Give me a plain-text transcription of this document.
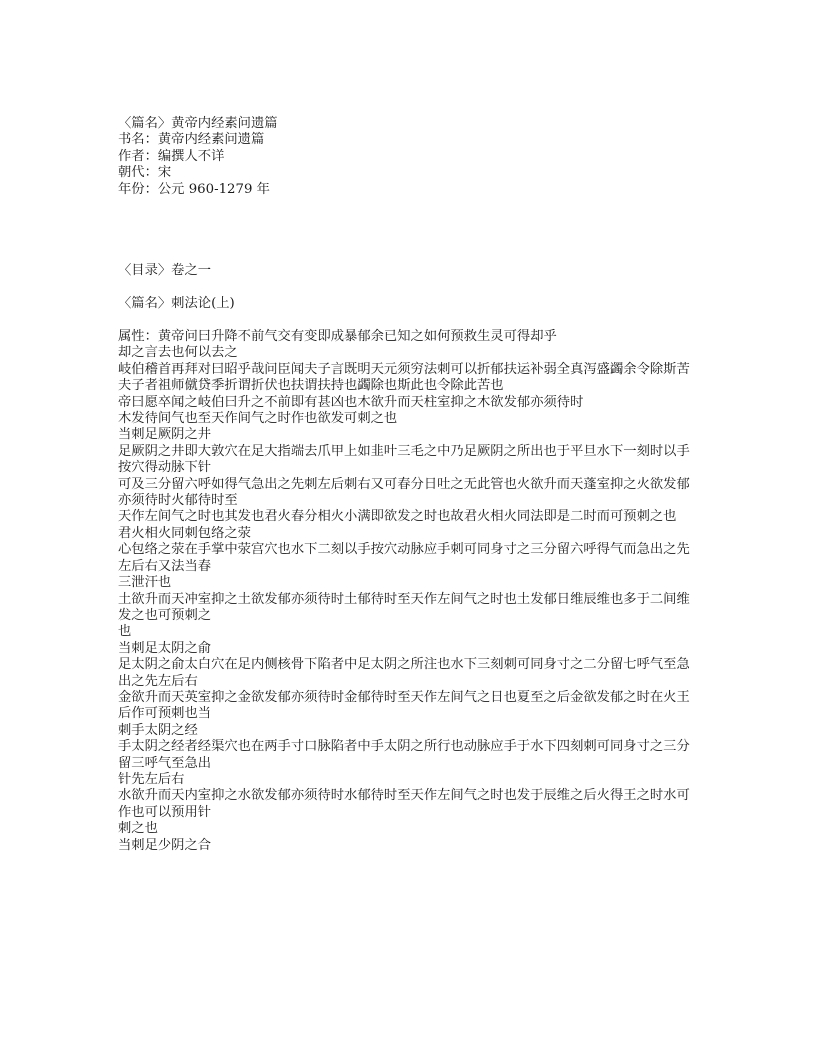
〈篇名〉黄帝内经素问遗篇
书名：黄帝内经素问遗篇
作者：编撰人不详
朝代：宋
年份：公元 960-1279 年
〈目录〉卷之一
〈篇名〉刺法论(上)
属性：黄帝问曰升降不前气交有变即成暴郁余已知之如何预救生灵可得却乎
却之言去也何以去之
岐伯稽首再拜对曰昭乎哉问臣闻夫子言既明天元须穷法刺可以折郁扶运补弱全真泻盛蠲余令除斯苦
夫子者祖师僦贷季折谓折伏也扶谓扶持也蠲除也斯此也令除此苦也
帝曰愿卒闻之岐伯曰升之不前即有甚凶也木欲升而天柱室抑之木欲发郁亦须待时
木发待间气也至天作间气之时作也欲发可刺之也
当刺足厥阴之井
足厥阴之井即大敦穴在足大指端去爪甲上如韭叶三毛之中乃足厥阴之所出也于平旦水下一刻时以手按穴得动脉下针
可及三分留六呼如得气急出之先刺左后刺右又可春分日吐之无此管也火欲升而天蓬室抑之火欲发郁亦须待时火郁待时至
天作左间气之时也其发也君火春分相火小满即欲发之时也故君火相火同法即是二时而可预刺之也
君火相火同刺包络之荥
心包络之荥在手掌中荥宫穴也水下二刻以手按穴动脉应手刺可同身寸之三分留六呼得气而急出之先左后右又法当春
三泄汗也
土欲升而天冲室抑之土欲发郁亦须待时土郁待时至天作左间气之时也土发郁日维辰维也多于二间维发之也可预刺之
也
当刺足太阴之俞
足太阴之俞太白穴在足内侧核骨下陷者中足太阴之所注也水下三刻刺可同身寸之二分留七呼气至急出之先左后右
金欲升而天英室抑之金欲发郁亦须待时金郁待时至天作左间气之日也夏至之后金欲发郁之时在火王后作可预刺也当
刺手太阴之经
手太阴之经者经渠穴也在两手寸口脉陷者中手太阴之所行也动脉应手于水下四刻刺可同身寸之三分留三呼气至急出
针先左后右
水欲升而天内室抑之水欲发郁亦须待时水郁待时至天作左间气之时也发于辰维之后火得王之时水可作也可以预用针
刺之也
当刺足少阴之合
